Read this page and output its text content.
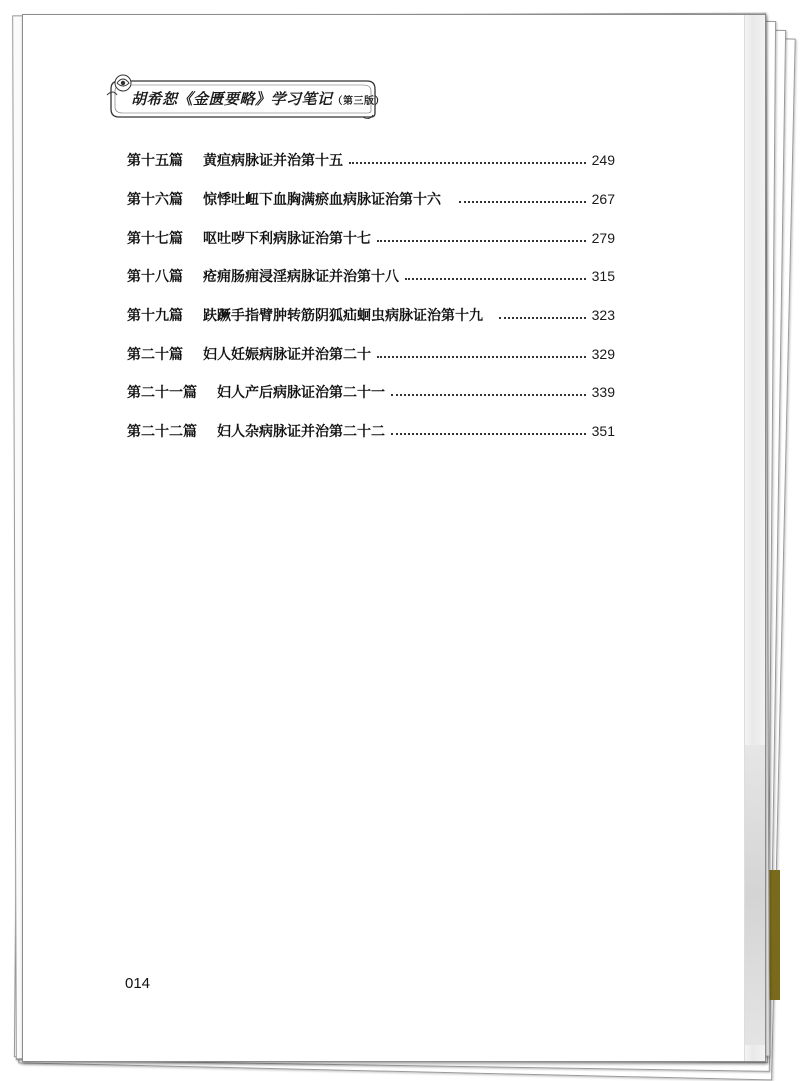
胡希恕《金匮要略》学习笔记（第三版）
第十五篇 黄疸病脉证并治第十五	249
第十六篇 惊悸吐衄下血胸满瘀血病脉证治第十六	267
第十七篇 呕吐哕下利病脉证治第十七	279
第十八篇 疮痈肠痈浸淫病脉证并治第十八	315
第十九篇 趺蹶手指臂肿转筋阴狐疝蛔虫病脉证治第十九	323
第二十篇 妇人妊娠病脉证并治第二十	329
第二十一篇 妇人产后病脉证治第二十一	339
第二十二篇 妇人杂病脉证并治第二十二	351
014
